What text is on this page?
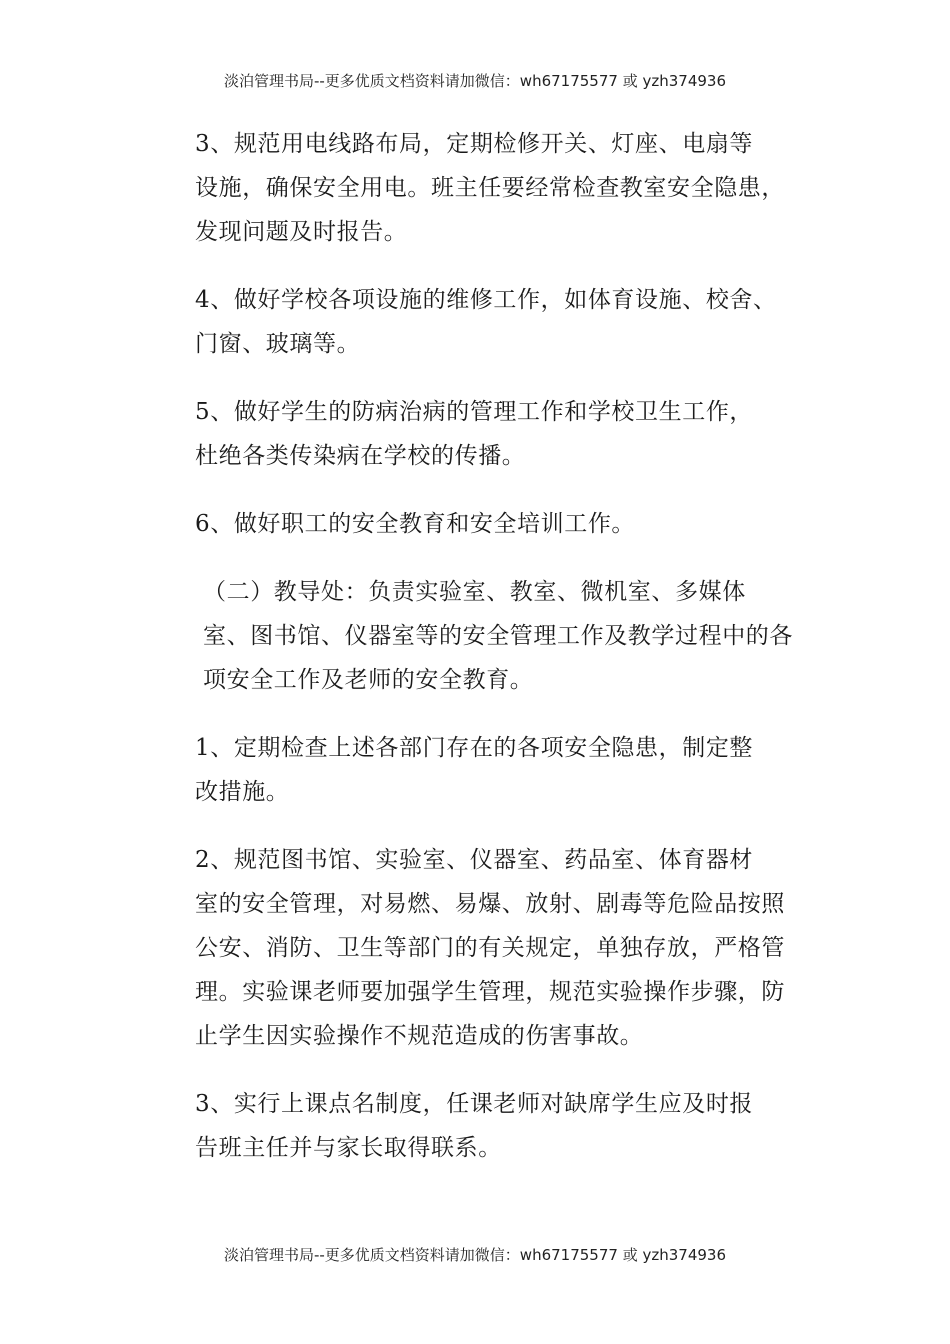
淡泊管理书局--更多优质文档资料请加微信：wh67175577 或 yzh374936

3、规范用电线路布局，定期检修开关、灯座、电扇等
设施，确保安全用电。班主任要经常检查教室安全隐患，
发现问题及时报告。

4、做好学校各项设施的维修工作，如体育设施、校舍、
门窗、玻璃等。

5、做好学生的防病治病的管理工作和学校卫生工作，
杜绝各类传染病在学校的传播。

6、做好职工的安全教育和安全培训工作。

（二）教导处：负责实验室、教室、微机室、多媒体
室、图书馆、仪器室等的安全管理工作及教学过程中的各
项安全工作及老师的安全教育。

1、定期检查上述各部门存在的各项安全隐患，制定整
改措施。

2、规范图书馆、实验室、仪器室、药品室、体育器材
室的安全管理，对易燃、易爆、放射、剧毒等危险品按照
公安、消防、卫生等部门的有关规定，单独存放，严格管
理。实验课老师要加强学生管理，规范实验操作步骤，防
止学生因实验操作不规范造成的伤害事故。

3、实行上课点名制度，任课老师对缺席学生应及时报
告班主任并与家长取得联系。

淡泊管理书局--更多优质文档资料请加微信：wh67175577 或 yzh374936
